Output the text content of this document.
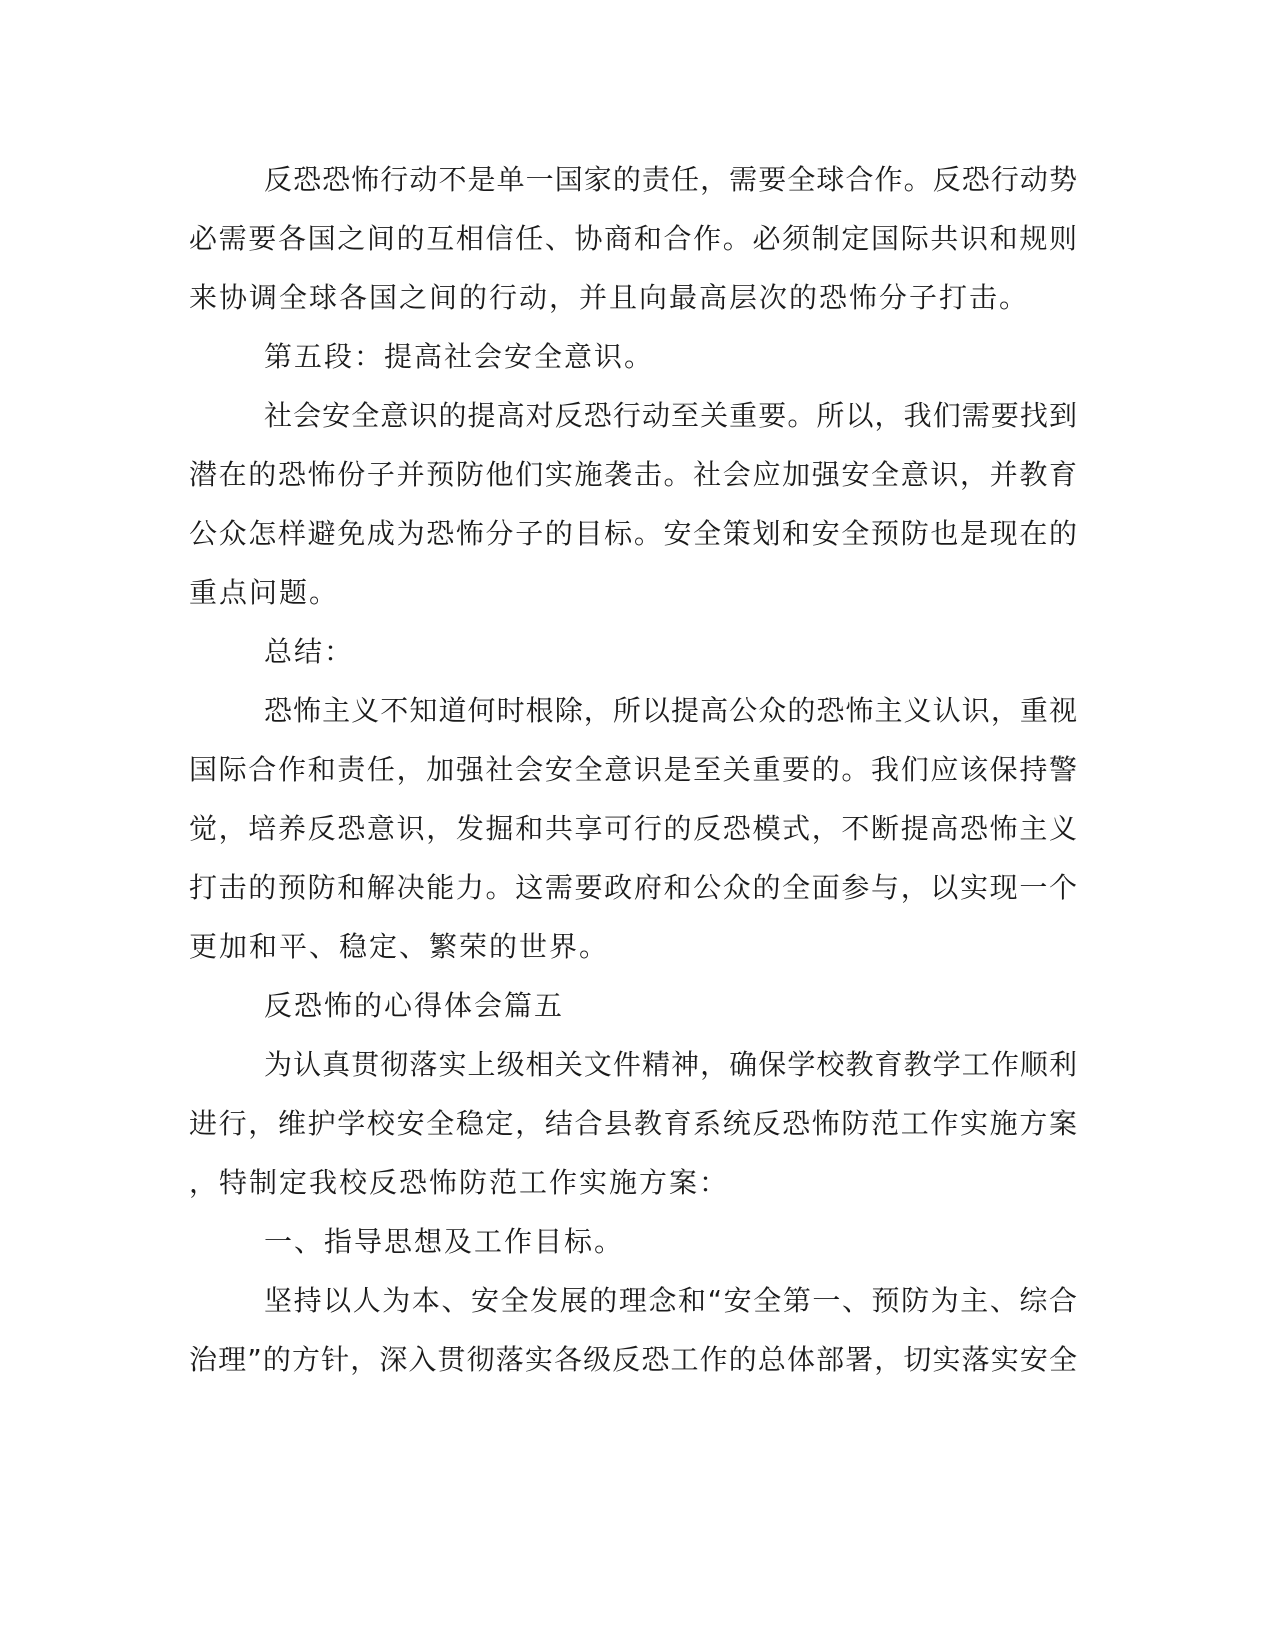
反恐恐怖行动不是单一国家的责任，需要全球合作。反恐行动势

必需要各国之间的互相信任、协商和合作。必须制定国际共识和规则

来协调全球各国之间的行动，并且向最高层次的恐怖分子打击。

第五段：提高社会安全意识。

社会安全意识的提高对反恐行动至关重要。所以，我们需要找到

潜在的恐怖份子并预防他们实施袭击。社会应加强安全意识，并教育

公众怎样避免成为恐怖分子的目标。安全策划和安全预防也是现在的

重点问题。

总结：

恐怖主义不知道何时根除，所以提高公众的恐怖主义认识，重视

国际合作和责任，加强社会安全意识是至关重要的。我们应该保持警

觉，培养反恐意识，发掘和共享可行的反恐模式，不断提高恐怖主义

打击的预防和解决能力。这需要政府和公众的全面参与，以实现一个

更加和平、稳定、繁荣的世界。

反恐怖的心得体会篇五

为认真贯彻落实上级相关文件精神，确保学校教育教学工作顺利

进行，维护学校安全稳定，结合县教育系统反恐怖防范工作实施方案

，特制定我校反恐怖防范工作实施方案：

一、指导思想及工作目标。

坚持以人为本、安全发展的理念和“安全第一、预防为主、综合

治理”的方针，深入贯彻落实各级反恐工作的总体部署，切实落实安全
